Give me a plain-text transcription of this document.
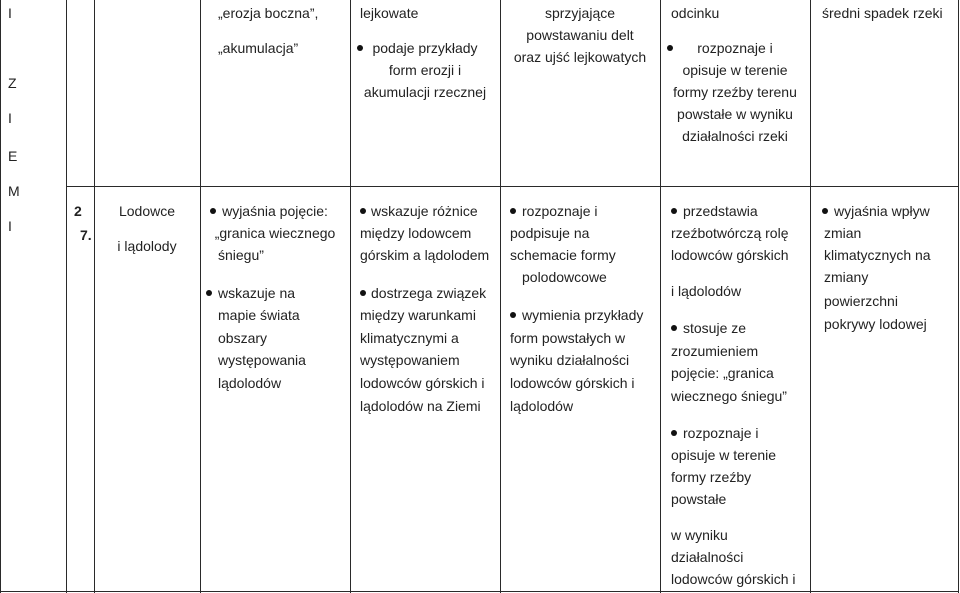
I
Z
I
E
M
I
2
7.
Lodowce
i lądolody
„erozja boczna”,
„akumulacja”
lejkowate
podaje przykłady
form erozji i
akumulacji rzecznej
sprzyjające
powstawaniu delt
oraz ujść lejkowatych
odcinku
rozpoznaje i
opisuje w terenie
formy rzeźby terenu
powstałe w wyniku
działalności rzeki
średni spadek rzeki
wyjaśnia pojęcie:
„granica wiecznego
śniegu”
wskazuje na
mapie świata
obszary
występowania
lądolodów
wskazuje różnice
między lodowcem
górskim a lądolodem
dostrzega związek
między warunkami
klimatycznymi a
występowaniem
lodowców górskich i
lądolodów na Ziemi
rozpoznaje i
podpisuje na
schemacie formy
polodowcowe
wymienia przykłady
form powstałych w
wyniku działalności
lodowców górskich i
lądolodów
przedstawia
rzeźbotwórczą rolę
lodowców górskich
i lądolodów
stosuje ze
zrozumieniem
pojęcie: „granica
wiecznego śniegu”
rozpoznaje i
opisuje w terenie
formy rzeźby
powstałe
w wyniku
działalności
lodowców górskich i
wyjaśnia wpływ
zmian
klimatycznych na
zmiany
powierzchni
pokrywy lodowej
